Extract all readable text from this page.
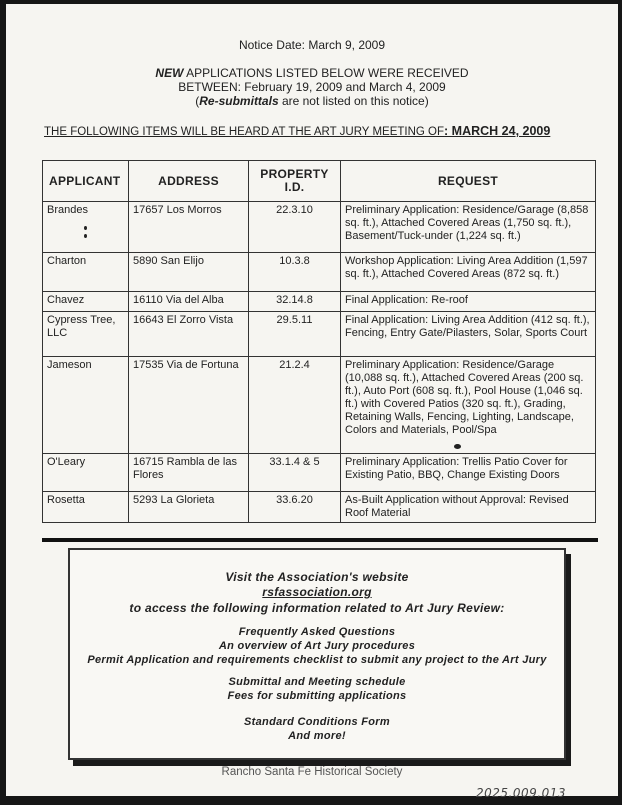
Notice Date: March 9, 2009
NEW APPLICATIONS LISTED BELOW WERE RECEIVED
BETWEEN: February 19, 2009 and March 4, 2009
(Re-submittals are not listed on this notice)
THE FOLLOWING ITEMS WILL BE HEARD AT THE ART JURY MEETING OF: MARCH 24, 2009
APPLICANT	ADDRESS	PROPERTY I.D.	REQUEST
Brandes	17657 Los Morros	22.3.10	Preliminary Application: Residence/Garage (8,858 sq. ft.), Attached Covered Areas (1,750 sq. ft.), Basement/Tuck-under (1,224 sq. ft.)
Charton	5890 San Elijo	10.3.8	Workshop Application: Living Area Addition (1,597 sq. ft.), Attached Covered Areas (872 sq. ft.)
Chavez	16110 Via del Alba	32.14.8	Final Application: Re-roof
Cypress Tree, LLC	16643 El Zorro Vista	29.5.11	Final Application: Living Area Addition (412 sq. ft.), Fencing, Entry Gate/Pilasters, Solar, Sports Court
Jameson	17535 Via de Fortuna	21.2.4	Preliminary Application: Residence/Garage (10,088 sq. ft.), Attached Covered Areas (200 sq. ft.), Auto Port (608 sq. ft.), Pool House (1,046 sq. ft.) with Covered Patios (320 sq. ft.), Grading, Retaining Walls, Fencing, Lighting, Landscape, Colors and Materials, Pool/Spa
O'Leary	16715 Rambla de las Flores	33.1.4 & 5	Preliminary Application: Trellis Patio Cover for Existing Patio, BBQ, Change Existing Doors
Rosetta	5293 La Glorieta	33.6.20	As-Built Application without Approval: Revised Roof Material
Visit the Association's website
rsfassociation.org
to access the following information related to Art Jury Review:
Frequently Asked Questions
An overview of Art Jury procedures
Permit Application and requirements checklist to submit any project to the Art Jury
Submittal and Meeting schedule
Fees for submitting applications
Standard Conditions Form
And more!
Rancho Santa Fe Historical Society
2025.009.013
